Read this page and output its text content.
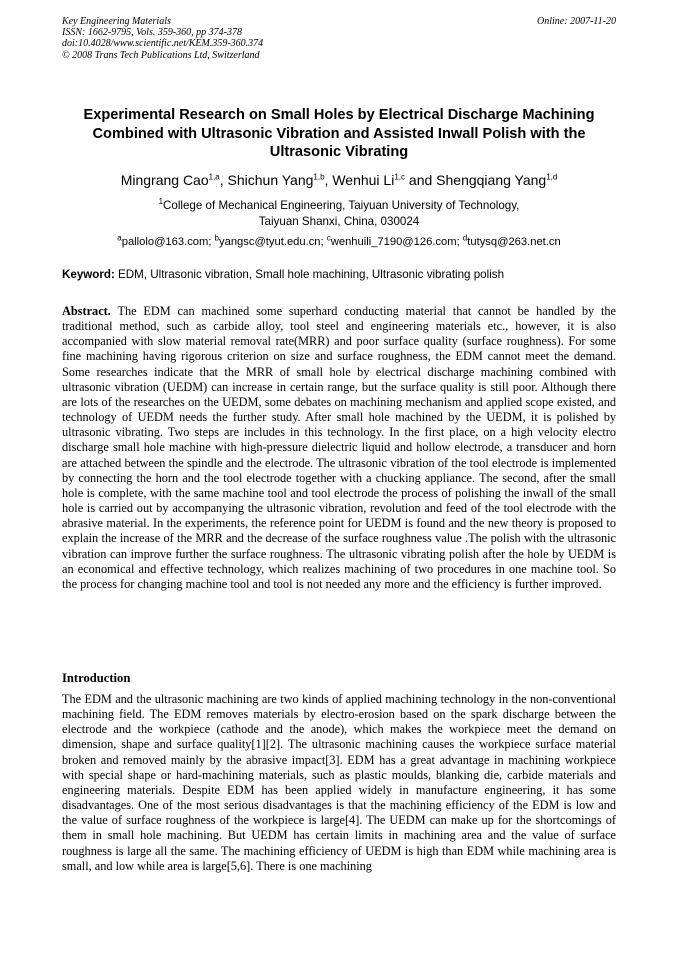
Key Engineering Materials
ISSN: 1662-9795, Vols. 359-360, pp 374-378
doi:10.4028/www.scientific.net/KEM.359-360.374
© 2008 Trans Tech Publications Ltd, Switzerland
Online: 2007-11-20
Experimental Research on Small Holes by Electrical Discharge Machining Combined with Ultrasonic Vibration and Assisted Inwall Polish with the Ultrasonic Vibrating
Mingrang Cao$^{1,a}$, Shichun Yang$^{1,b}$, Wenhui Li$^{1,c}$ and Shengqiang Yang$^{1,d}$
$^1$College of Mechanical Engineering, Taiyuan University of Technology,
Taiyuan Shanxi, China, 030024
$^a$pallolo@163.com; $^b$yangsc@tyut.edu.cn; $^c$wenhuili_7190@126.com; $^d$tutysq@263.net.cn
Keyword: EDM, Ultrasonic vibration, Small hole machining, Ultrasonic vibrating polish
Abstract. The EDM can machined some superhard conducting material that cannot be handled by the traditional method, such as carbide alloy, tool steel and engineering materials etc., however, it is also accompanied with slow material removal rate(MRR) and poor surface quality (surface roughness). For some fine machining having rigorous criterion on size and surface roughness, the EDM cannot meet the demand. Some researches indicate that the MRR of small hole by electrical discharge machining combined with ultrasonic vibration (UEDM) can increase in certain range, but the surface quality is still poor. Although there are lots of the researches on the UEDM, some debates on machining mechanism and applied scope existed, and technology of UEDM needs the further study. After small hole machined by the UEDM, it is polished by ultrasonic vibrating. Two steps are includes in this technology. In the first place, on a high velocity electro discharge small hole machine with high-pressure dielectric liquid and hollow electrode, a transducer and horn are attached between the spindle and the electrode. The ultrasonic vibration of the tool electrode is implemented by connecting the horn and the tool electrode together with a chucking appliance. The second, after the small hole is complete, with the same machine tool and tool electrode the process of polishing the inwall of the small hole is carried out by accompanying the ultrasonic vibration, revolution and feed of the tool electrode with the abrasive material. In the experiments, the reference point for UEDM is found and the new theory is proposed to explain the increase of the MRR and the decrease of the surface roughness value .The polish with the ultrasonic vibration can improve further the surface roughness. The ultrasonic vibrating polish after the hole by UEDM is an economical and effective technology, which realizes machining of two procedures in one machine tool. So the process for changing machine tool and tool is not needed any more and the efficiency is further improved.
Introduction
The EDM and the ultrasonic machining are two kinds of applied machining technology in the non-conventional machining field. The EDM removes materials by electro-erosion based on the spark discharge between the electrode and the workpiece (cathode and the anode), which makes the workpiece meet the demand on dimension, shape and surface quality[1][2]. The ultrasonic machining causes the workpiece surface material broken and removed mainly by the abrasive impact[3]. EDM has a great advantage in machining workpiece with special shape or hard-machining materials, such as plastic moulds, blanking die, carbide materials and engineering materials. Despite EDM has been applied widely in manufacture engineering, it has some disadvantages. One of the most serious disadvantages is that the machining efficiency of the EDM is low and the value of surface roughness of the workpiece is large[4]. The UEDM can make up for the shortcomings of them in small hole machining. But UEDM has certain limits in machining area and the value of surface roughness is large all the same. The machining efficiency of UEDM is high than EDM while machining area is small, and low while area is large[5,6]. There is one machining
